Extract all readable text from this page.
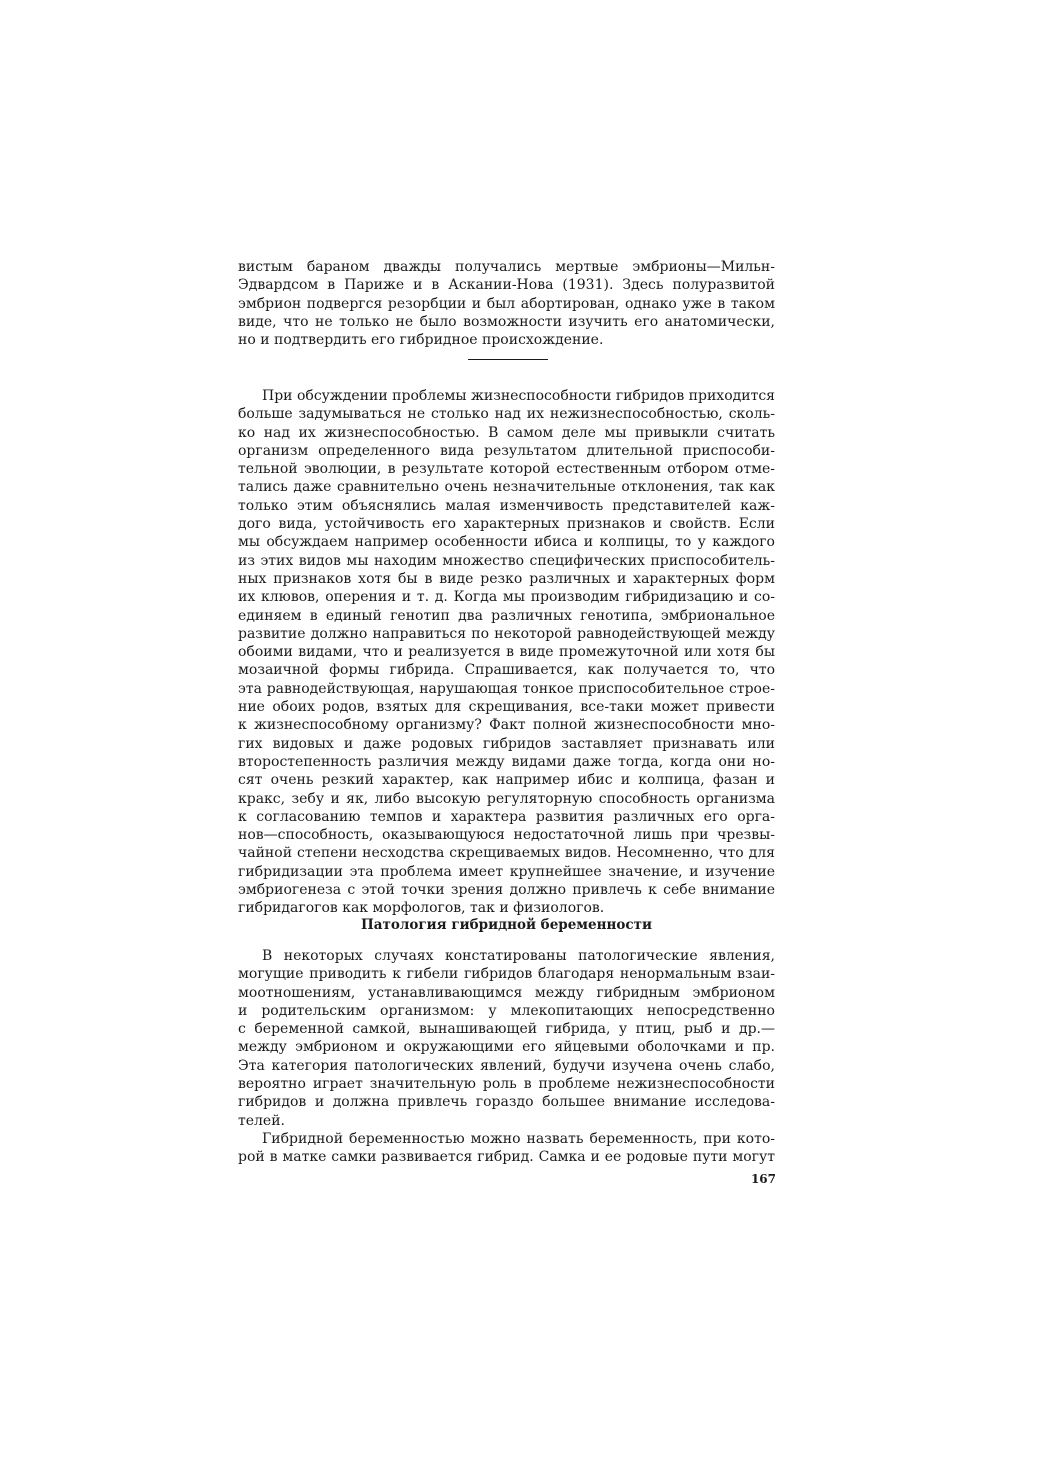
вистым бараном дважды получались мертвые эмбрионы—Мильн-
Эдвардсом в Париже и в Аскании-Нова (1931). Здесь полуразвитой
эмбрион подвергся резорбции и был абортирован, однако уже в таком
виде, что не только не было возможности изучить его анатомически,
но и подтвердить его гибридное происхождение.
При обсуждении проблемы жизнеспособности гибридов приходится
больше задумываться не столько над их нежизнеспособностью, сколь-
ко над их жизнеспособностью. В самом деле мы привыкли считать
организм определенного вида результатом длительной приспособи-
тельной эволюции, в результате которой естественным отбором отме-
тались даже сравнительно очень незначительные отклонения, так как
только этим объяснялись малая изменчивость представителей каж-
дого вида, устойчивость его характерных признаков и свойств. Если
мы обсуждаем например особенности ибиса и колпицы, то у каждого
из этих видов мы находим множество специфических приспособитель-
ных признаков хотя бы в виде резко различных и характерных форм
их клювов, оперения и т. д. Когда мы производим гибридизацию и со-
единяем в единый генотип два различных генотипа, эмбриональное
развитие должно направиться по некоторой равнодействующей между
обоими видами, что и реализуется в виде промежуточной или хотя бы
мозаичной формы гибрида. Спрашивается, как получается то, что
эта равнодействующая, нарушающая тонкое приспособительное строе-
ние обоих родов, взятых для скрещивания, все-таки может привести
к жизнеспособному организму? Факт полной жизнеспособности мно-
гих видовых и даже родовых гибридов заставляет признавать или
второстепенность различия между видами даже тогда, когда они но-
сят очень резкий характер, как например ибис и колпица, фазан и
кракс, зебу и як, либо высокую регуляторную способность организма
к согласованию темпов и характера развития различных его орга-
нов—способность, оказывающуюся недостаточной лишь при чрезвы-
чайной степени несходства скрещиваемых видов. Несомненно, что для
гибридизации эта проблема имеет крупнейшее значение, и изучение
эмбриогенеза с этой точки зрения должно привлечь к себе внимание
гибридагогов как морфологов, так и физиологов.
Патология гибридной беременности
В некоторых случаях констатированы патологические явления,
могущие приводить к гибели гибридов благодаря ненормальным взаи-
моотношениям, устанавливающимся между гибридным эмбрионом
и родительским организмом: у млекопитающих непосредственно
с беременной самкой, вынашивающей гибрида, у птиц, рыб и др.—
между эмбрионом и окружающими его яйцевыми оболочками и пр.
Эта категория патологических явлений, будучи изучена очень слабо,
вероятно играет значительную роль в проблеме нежизнеспособности
гибридов и должна привлечь гораздо большее внимание исследова-
телей.
Гибридной беременностью можно назвать беременность, при кото-
рой в матке самки развивается гибрид. Самка и ее родовые пути могут
167
